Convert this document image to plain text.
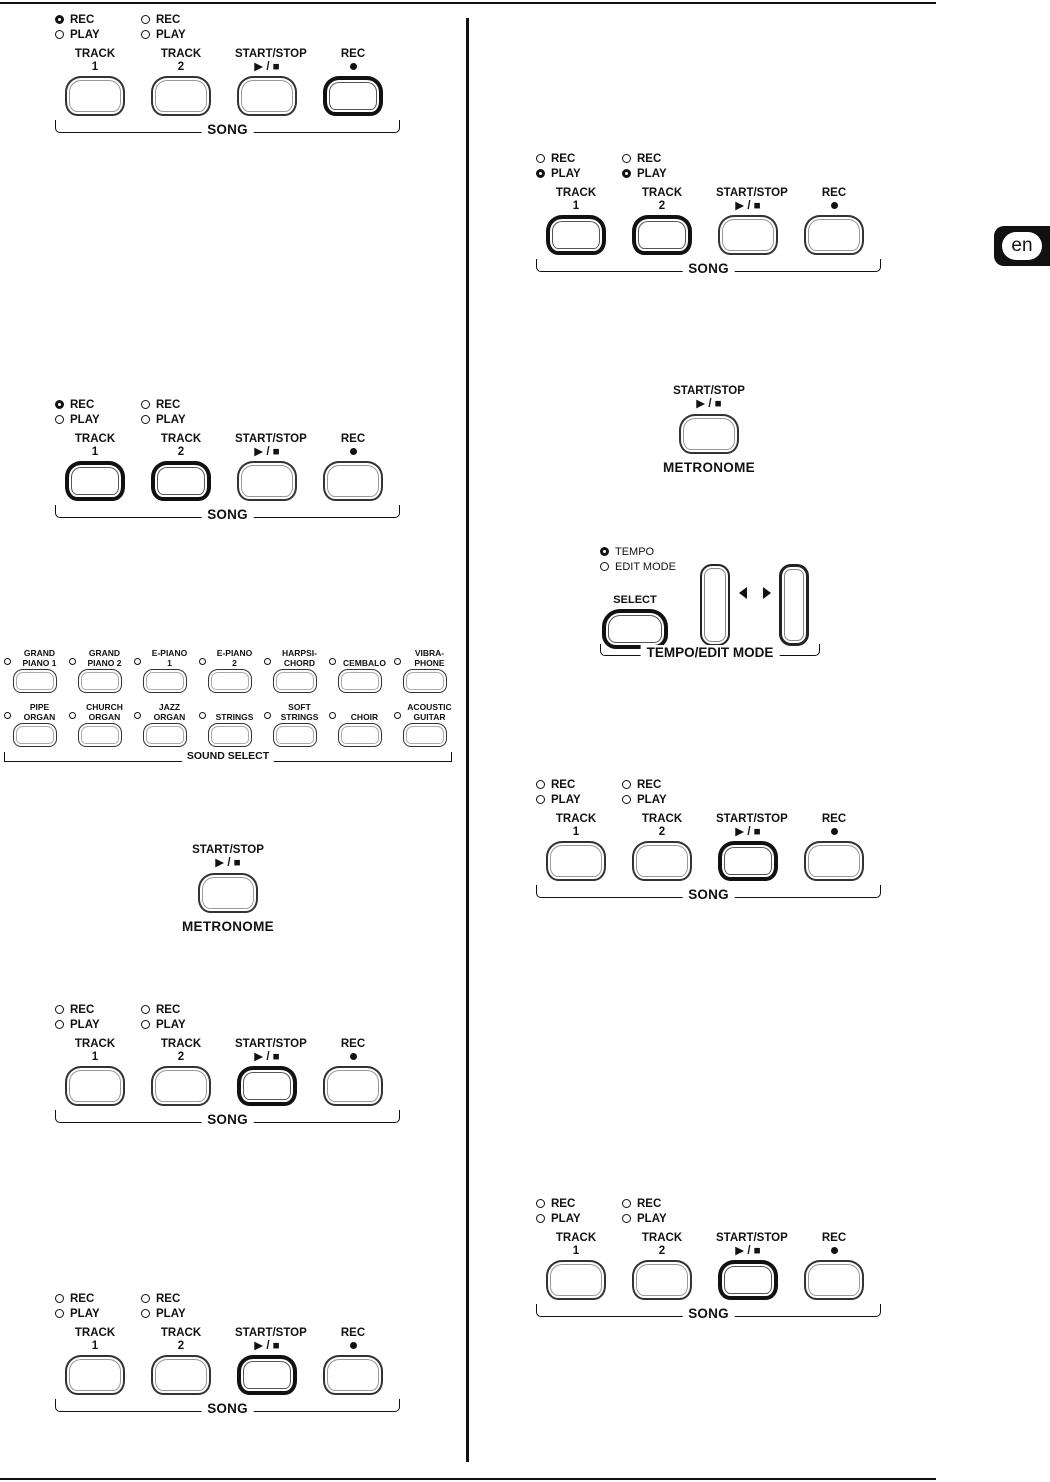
en
REC
PLAY
REC
PLAY
TRACK
1
TRACK
2
START/STOP
▶ / ■
REC
SONG
REC
PLAY
REC
PLAY
TRACK
1
TRACK
2
START/STOP
▶ / ■
REC
SONG
REC
PLAY
REC
PLAY
TRACK
1
TRACK
2
START/STOP
▶ / ■
REC
SONG
REC
PLAY
REC
PLAY
TRACK
1
TRACK
2
START/STOP
▶ / ■
REC
SONG
REC
PLAY
REC
PLAY
TRACK
1
TRACK
2
START/STOP
▶ / ■
REC
SONG
REC
PLAY
REC
PLAY
TRACK
1
TRACK
2
START/STOP
▶ / ■
REC
SONG
REC
PLAY
REC
PLAY
TRACK
1
TRACK
2
START/STOP
▶ / ■
REC
SONG
START/STOP
▶ / ■
METRONOME
START/STOP
▶ / ■
METRONOME
GRAND
PIANO 1
GRAND
PIANO 2
E-PIANO
1
E-PIANO
2
HARPSI-
CHORD	CEMBALO
VIBRA-
PHONE
PIPE
ORGAN
CHURCH
ORGAN
JAZZ
ORGAN	STRINGS
SOFT
STRINGS	CHOIR
ACOUSTIC
GUITAR
SOUND SELECT
TEMPO
EDIT MODE
SELECT
TEMPO/EDIT MODE
